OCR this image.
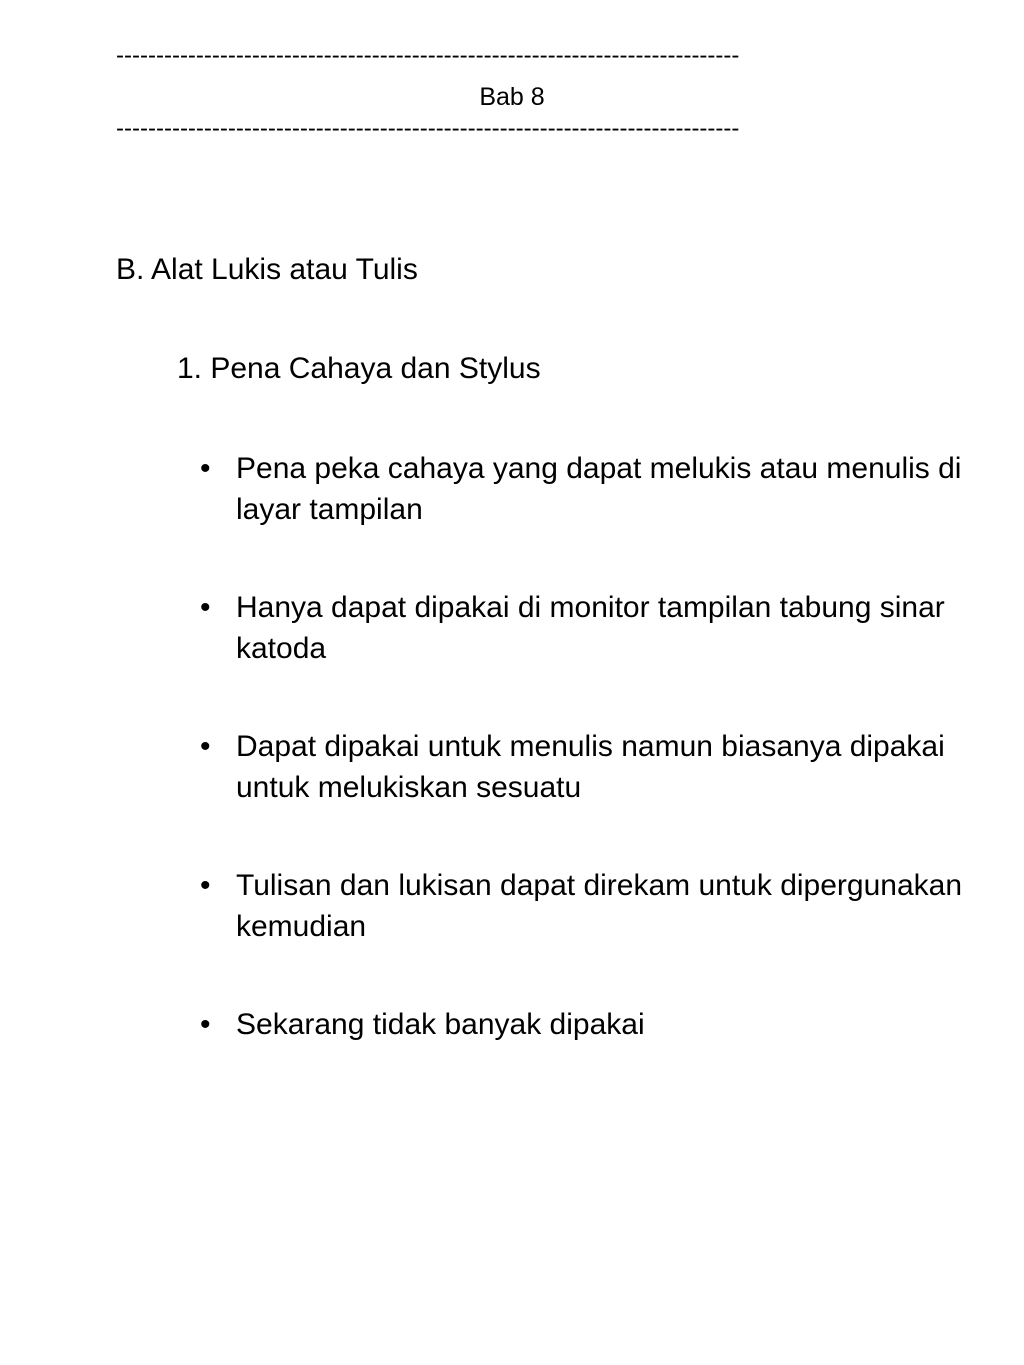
------------------------------------------------------------------------------
Bab 8
------------------------------------------------------------------------------
B. Alat Lukis atau Tulis
1. Pena Cahaya dan Stylus
• Pena peka cahaya yang dapat melukis atau menulis di layar tampilan
• Hanya dapat dipakai di monitor tampilan tabung sinar katoda
• Dapat dipakai untuk menulis namun biasanya dipakai untuk melukiskan sesuatu
• Tulisan dan lukisan dapat direkam untuk dipergunakan kemudian
• Sekarang tidak banyak dipakai
